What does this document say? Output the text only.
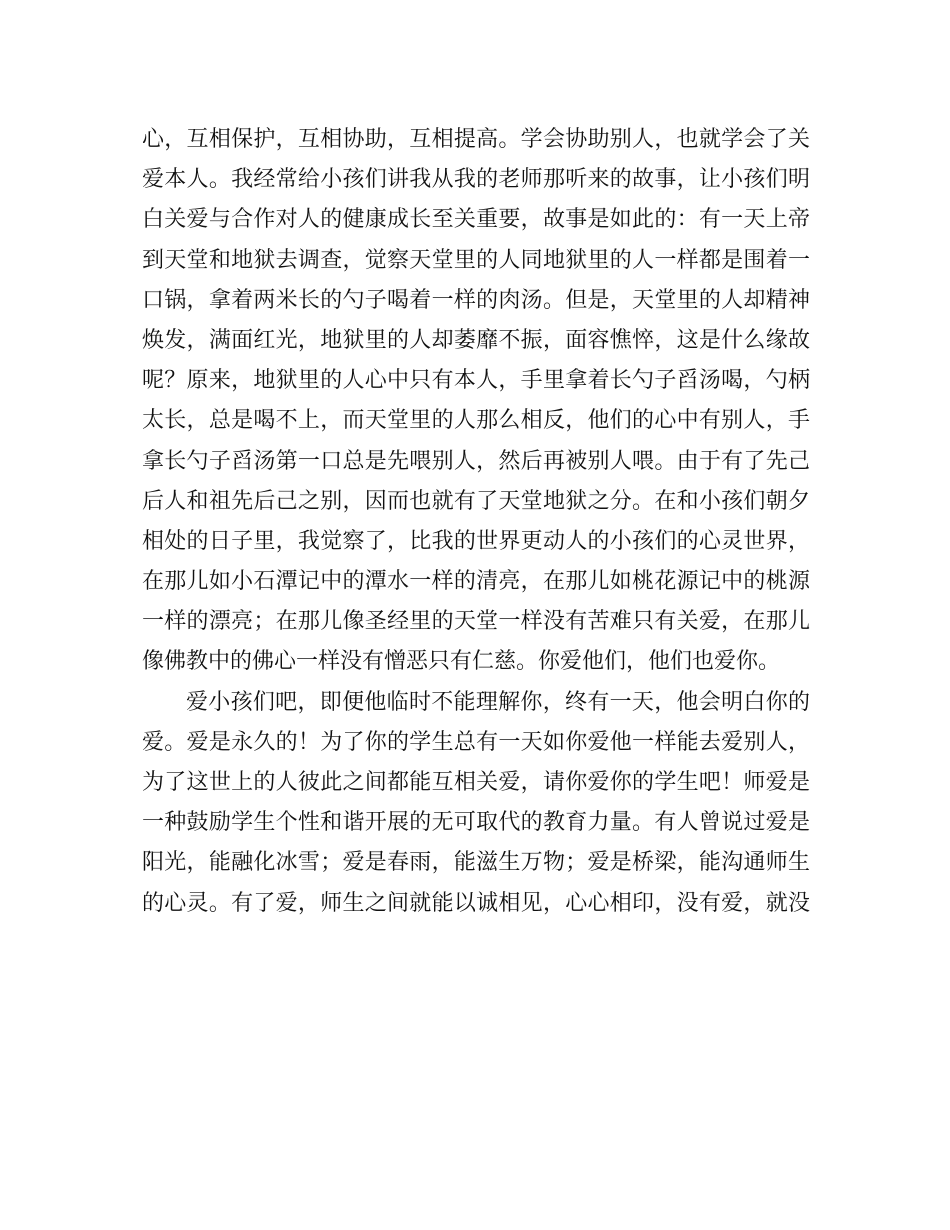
心，互相保护，互相协助，互相提高。学会协助别人，也就学会了关
爱本人。我经常给小孩们讲我从我的老师那听来的故事，让小孩们明
白关爱与合作对人的健康成长至关重要，故事是如此的：有一天上帝
到天堂和地狱去调查，觉察天堂里的人同地狱里的人一样都是围着一
口锅，拿着两米长的勺子喝着一样的肉汤。但是，天堂里的人却精神
焕发，满面红光，地狱里的人却萎靡不振，面容憔悴，这是什么缘故
呢？原来，地狱里的人心中只有本人，手里拿着长勺子舀汤喝，勺柄
太长，总是喝不上，而天堂里的人那么相反，他们的心中有别人，手
拿长勺子舀汤第一口总是先喂别人，然后再被别人喂。由于有了先己
后人和祖先后己之别，因而也就有了天堂地狱之分。在和小孩们朝夕
相处的日子里，我觉察了，比我的世界更动人的小孩们的心灵世界，
在那儿如小石潭记中的潭水一样的清亮，在那儿如桃花源记中的桃源
一样的漂亮；在那儿像圣经里的天堂一样没有苦难只有关爱，在那儿
像佛教中的佛心一样没有憎恶只有仁慈。你爱他们，他们也爱你。
爱小孩们吧，即便他临时不能理解你，终有一天，他会明白你的
爱。爱是永久的！为了你的学生总有一天如你爱他一样能去爱别人，
为了这世上的人彼此之间都能互相关爱，请你爱你的学生吧！师爱是
一种鼓励学生个性和谐开展的无可取代的教育力量。有人曾说过爱是
阳光，能融化冰雪；爱是春雨，能滋生万物；爱是桥梁，能沟通师生
的心灵。有了爱，师生之间就能以诚相见，心心相印，没有爱，就没
